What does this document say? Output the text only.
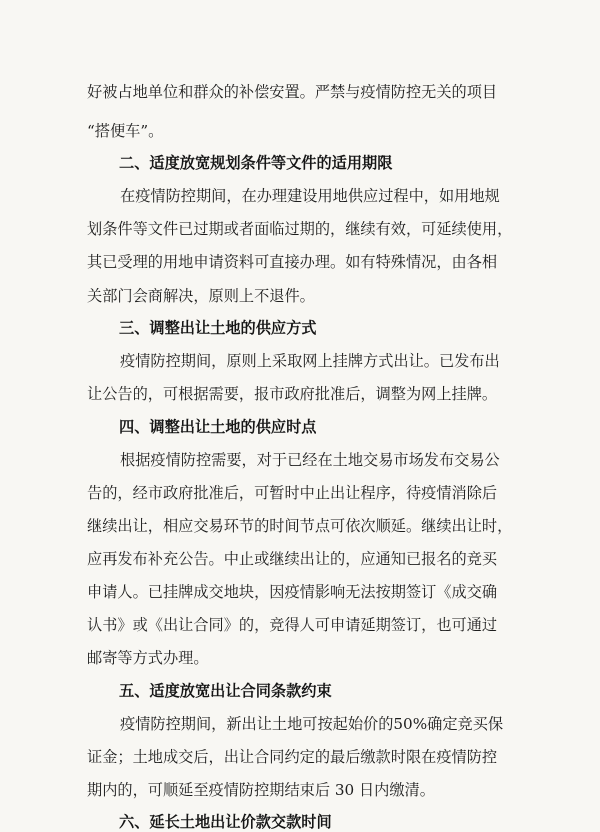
好被占地单位和群众的补偿安置。严禁与疫情防控无关的项目
“搭便车”。
二、适度放宽规划条件等文件的适用期限
在疫情防控期间，在办理建设用地供应过程中，如用地规
划条件等文件已过期或者面临过期的，继续有效，可延续使用，
其已受理的用地申请资料可直接办理。如有特殊情况，由各相
关部门会商解决，原则上不退件。
三、调整出让土地的供应方式
疫情防控期间，原则上采取网上挂牌方式出让。已发布出
让公告的，可根据需要，报市政府批准后，调整为网上挂牌。
四、调整出让土地的供应时点
根据疫情防控需要，对于已经在土地交易市场发布交易公
告的，经市政府批准后，可暂时中止出让程序，待疫情消除后
继续出让，相应交易环节的时间节点可依次顺延。继续出让时，
应再发布补充公告。中止或继续出让的，应通知已报名的竞买
申请人。已挂牌成交地块，因疫情影响无法按期签订《成交确
认书》或《出让合同》的，竞得人可申请延期签订，也可通过
邮寄等方式办理。
五、适度放宽出让合同条款约束
疫情防控期间，新出让土地可按起始价的50%确定竞买保
证金；土地成交后，出让合同约定的最后缴款时限在疫情防控
期内的，可顺延至疫情防控期结束后 30 日内缴清。
六、延长土地出让价款交款时间
